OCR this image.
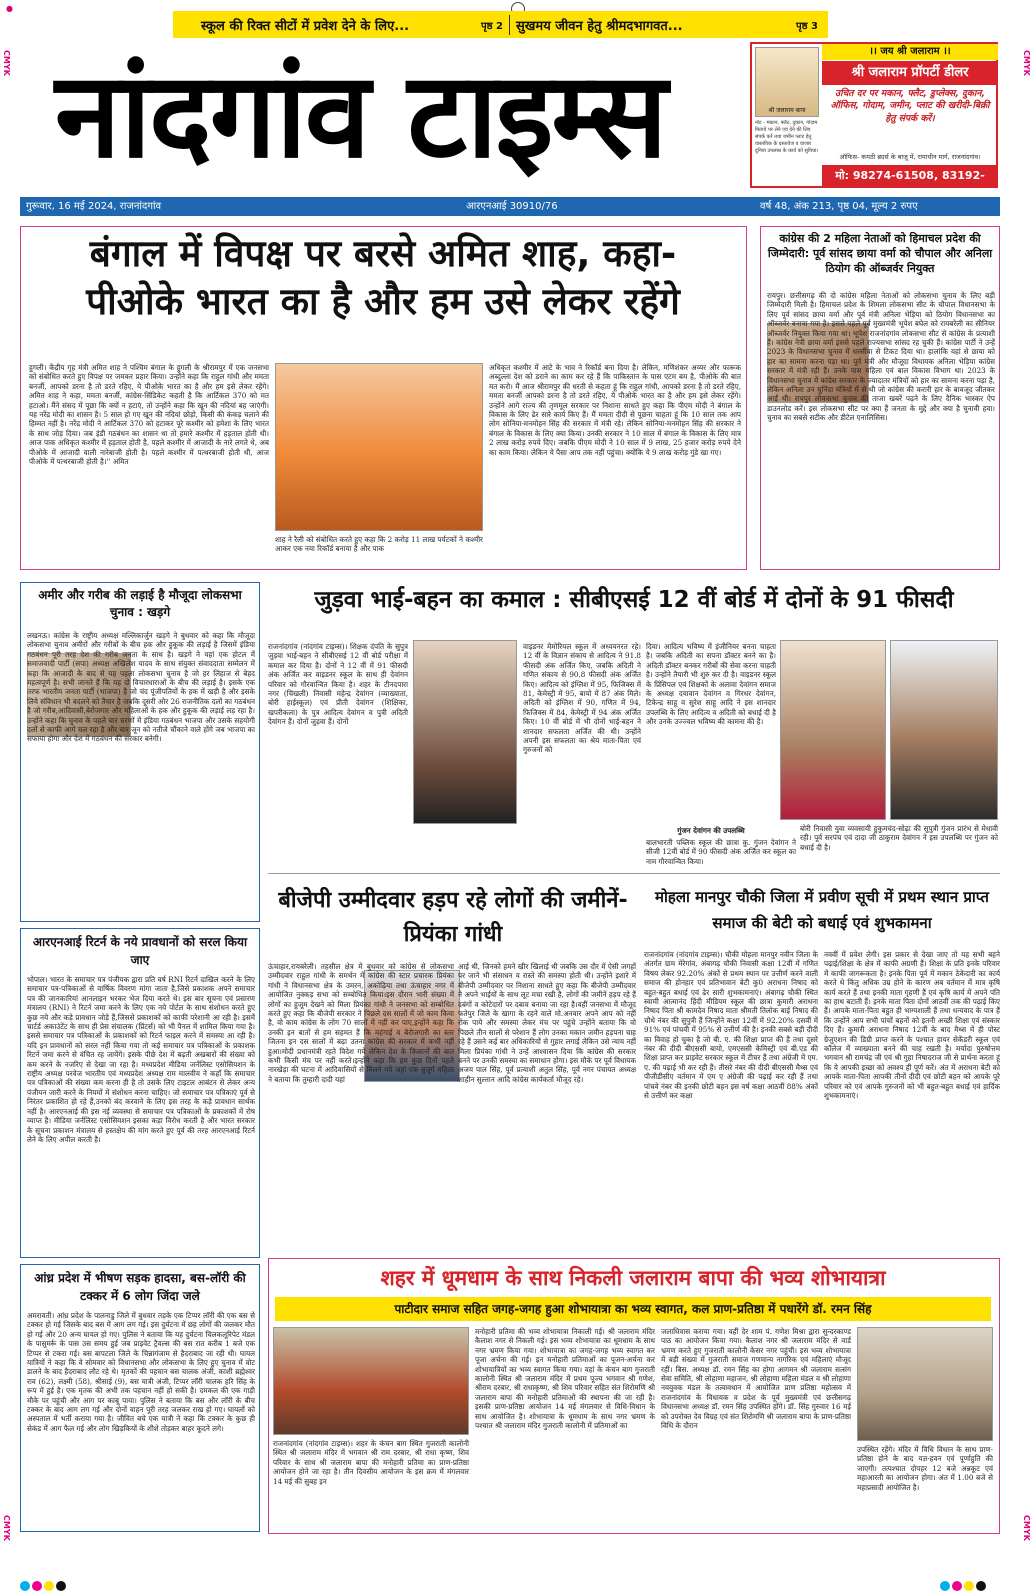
●
CMYK	CMYK
CMYK	CMYK
स्कूल की रिक्त सीटों में प्रवेश देने के लिए...	पृष्ठ 2	सुखमय जीवन हेतु श्रीमदभागवत...	पृष्ठ 3
नांदगांव टाइम्स	श्री जलाराम बापा
नोट - मकान, फ्लैट, दुकान, गोदाम किराये पर लेने एवं देने की लिए संपर्क करें तथा जमीन प्लाट हेतु वास्तविक के दस्तावेज व वाजार दुनिया उपलब्ध के कार्य को सुविधा।
।। जय श्री जलाराम ।।
श्री जलाराम प्रॉपर्टी डीलर
उचित दर पर मकान, फ्लैट, डुप्लेक्स, दुकान, ऑफिस, गोदाम, जमीन, प्लाट की खरीदी-बिक्री हेतु संपर्क करें।
ऑफिस- कमठी ब्रदर्स के बाजू में, रामाधीन मार्ग, राजनांदगांव।
मो: 98274-61508, 83192-
गुरूवार, 16 मई 2024, राजनांदगांव	आरएनआई 30910/76	वर्ष 48, अंक 213, पृष्ठ 04, मूल्य 2 रुपए
बंगाल में विपक्ष पर बरसे अमित शाह, कहा-
पीओके भारत का है और हम उसे लेकर रहेंगे
हुगली। केंद्रीय गृह मंत्री अमित शाह ने पश्चिम बंगाल के हुगली के श्रीरामपुर में एक जनसभा को संबोधित करते हुए विपक्ष पर जमकर प्रहार किया। उन्होंने कहा कि राहुल गांधी और ममता बनर्जी, आपको डरना है तो डरते रहिए, ये पीओके भारत का है और हम इसे लेकर रहेंगे। अमित शाह ने कहा, ममता बनर्जी, कांग्रेस-सिंडिकेट कहती है कि आर्टिकल 370 को मत हटाओ। मैंने संसद में पूछा कि क्यों न हटाएं, तो उन्होंने कहा कि खून की नदियां बह जाएंगी। यह नरेंद्र मोदी का शासन है। 5 साल हो गए खून की नदियां छोड़ो, किसी की कंकड़ चलाने की हिम्मत नहीं है। नरेंद्र मोदी ने आर्टिकल 370 को हटाकर पूरे कश्मीर को हमेशा के लिए भारत के साथ जोड़ दिया। जब इंडी गठबंधन का शासन था तो हमारे कश्मीर में हड़ताल होती थी। आज पाक अधिकृत कश्मीर में हड़ताल होती है, पहले कश्मीर में आजादी के नारे लगते थे, अब पीओके में आजादी वाली नारेबाजी होती है। पहले कश्मीर में पत्थरबाजी होती थी, आज पीओके में पत्थरबाजी होती है।'' अमित
शाह ने रैली को संबोधित करते हुए कहा कि 2 करोड़ 11 लाख पर्यटकों ने कश्मीर आकर एक नया रिकॉर्ड बनाया है और पाक
अधिकृत कश्मीर में आटे के भाव ने रिकॉर्ड बना दिया है। लेकिन, मणिशंकर अय्यर और फारूक अब्दुल्ला देश को डराने का काम कर रहे हैं कि पाकिस्तान के पास एटम बम है, पीओके की बात मत करो। मैं आज श्रीरामपुर की धरती से कहता हूं कि राहुल गांधी, आपको डरना है तो डरते रहिए, ममता बनर्जी आपको डरना है तो डरते रहिए, ये पीओके भारत का है और हम इसे लेकर रहेंगे। उन्होंने आगे राज्य की तृणमूल सरकार पर निशाना साधते हुए कहा कि पीएम मोदी ने बंगाल के विकास के लिए ढेर सारे कार्य किए हैं। मैं ममता दीदी से पूछना चाहता हूं कि 10 साल तक आप लोग सोनिया-मनमोहन सिंह की सरकार में मंत्री रहे। लेकिन सोनिया-मनमोहन सिंह की सरकार ने बंगाल के विकास के लिए क्या किया। उनकी सरकार ने 10 साल में बंगाल के विकास के लिए मात्र 2 लाख करोड़ रुपये दिए। जबकि पीएम मोदी ने 10 साल में 9 लाख, 25 हजार करोड़ रुपये देने का काम किया। लेकिन ये पैसा आप तक नहीं पहुंचा। क्योंकि ये 9 लाख करोड़ गुंडे खा गए।
कांग्रेस की 2 महिला नेताओं को हिमाचल प्रदेश की जिम्मेदारी: पूर्व सांसद छाया वर्मा को चौपाल और अनिला ठियोग की ऑब्जर्वर नियुक्त
रायपुर। छत्तीसगढ़ की दो कांग्रेस महिला नेताओं को लोकसभा चुनाव के लिए बड़ी जिम्मेदारी मिली है। हिमाचल प्रदेश के शिमला लोकसभा सीट के चौपाल विधानसभा के लिए पूर्व सांसद छाया वर्मा और पूर्व मंत्री अनिला भेड़िया को ठियोग विधानसभा का ऑब्जर्वर बनाया गया है। इससे पहले पूर्व मुख्यमंत्री भूपेश बघेल को रायबरेली का सीनियर ऑब्जर्वर नियुक्त किया गया था। भूपेश राजनांदगांव लोकसभा सीट से कांग्रेस के प्रत्याशी हैं। कांग्रेस नेत्री छाया वर्मा इससे पहले राज्यसभा सांसद रह चुकी हैं। कांग्रेस पार्टी ने उन्हें 2023 के विधानसभा चुनाव में धरसींवा से टिकट दिया था। हालांकि यहां से छाया को हार का सामना करना पड़ा था। पूर्व मंत्री और मौजूदा विधायक अनिला भेड़िया कांग्रेस सरकार में मंत्री रही हैं। उनके पास महिला एवं बाल विकास विभाग था। 2023 के विधानसभा चुनाव में कांग्रेस सरकार के ज्यादातर मंत्रियों को हार का सामना करना पड़ा है, लेकिन अनिला उन चुनिंदा मंत्रियों में से थी जो कांग्रेस की करारी हार के बावजूद जीतकर आईं थी। रायपुर लोकसभा चुनाव की ताजा खबरें पढ़ने के लिए दैनिक भास्कर ऐप डाउनलोड करें। इस लोकसभा सीट पर क्या हैं जनता के मुद्दे और क्या है चुनावी हवा। चुनाव का सबसे सटीक और डीटेल एनालिसिस।
अमीर और गरीब की लड़ाई है मौजूदा लोकसभा चुनाव : खड़गे
लखनऊ। कांग्रेस के राष्ट्रीय अध्यक्ष मल्लिकार्जुन खड़गे ने बुधवार को कहा कि मौजूदा लोकसभा चुनाव अमीरों और गरीबों के बीच हक और हुकूक की लड़ाई है जिसमें इंडिया गठबंधन पूरी तरह देश की गरीब जनता के साथ है। खड़गे ने यहां एक होटल में समाजवादी पार्टी (सपा) अध्यक्ष अखिलेश यादव के साथ संयुक्त संवाददाता सम्मेलन में कहा कि आजादी के बाद से यह पहला लोकसभा चुनाव है जो हर लिहाज से बेहद महत्वपूर्ण है। सभी जानते हैं कि यह दो विचारधाराओं के बीच की लड़ाई है। इसके एक तरफ भारतीय जनता पार्टी (भाजपा) है जो चंद पूंजीपतियों के हक में खड़ी है और इसके लिये संविधान भी बदलने को तैयार है जबकि दूसरी ओर 26 राजनीतिक दलों का गठबंधन है जो गरीब,आदिवासी,बेरोजगार और महिलाओं के हक और हुकूक की लड़ाई लड़ रहा है। उन्होंने कहा कि चुनाव के पहले चार चरणों में इंडिया गठबंधन भाजपा और उसके सहयोगी दलों से काफी आगे चल रहा है और चार जून को नतीजे चौंकाने वाले होंगे जब भाजपा का सफाया होगा और देश में गठबंधन की सरकार बनेगी।
आरएनआई रिटर्न के नये प्रावधानों को सरल किया जाए
भोपाल। भारत के समाचार पत्र पंजीयक द्वारा प्रति वर्ष RNI रिटर्न दाखिल करने के लिए समाचार पत्र-पत्रिकाओं से वार्षिक विवरण मांगा जाता है,जिसे प्रकाशक अपने समाचार पत्र की जानकारियां आनलाइन भरकर भेज दिया करते थे। इस बार सूचना एवं प्रसारण मंत्रालय (RNI) ने रिटर्न जमा करने के लिए एक नये पोर्टल के साथ संशोधन करते हुए कुछ नये और कड़े प्रावधान जोड़े हैं,जिससे प्रकाशकों को काफी परेशानी आ रही है। इसमें चार्टर्ड अकाउंटेंट के साथ ही प्रेस संचालक (प्रिंटर्स) को भी पैनल में शामिल किया गया है। इससे समाचार पत्र पत्रिकाओं के प्रकाशकों को रिटर्न फाइल करने में समस्या आ रही है। यदि इन प्रावधानों को सरल नहीं किया गया तो कई समाचार पत्र पत्रिकाओं के प्रकाशक रिटर्न जमा करने से वंचित रह जायेंगे। इसके पीछे देश में बढ़ती अखबारों की संख्या को कम करने के नजरिए से देखा जा रहा है। मध्यप्रदेश मीडिया जर्नलिस्ट एसोसियशन के राष्ट्रीय अध्यक्ष परवेज भारतीय एवं मध्यप्रदेश अध्यक्ष राम मालवीय ने कहाँ कि समाचार पत्र पत्रिकाओं की संख्या कम करना ही है तो उसके लिए टाइटल आबंटन से लेकर अन्य पंजीयन जारी करने के नियमों में संशोधन करना चाहिए। जो समाचार पत्र पत्रिकाएं पूर्व से निरंतर प्रकाशित हो रहे हैं,उनको बंद करवाने के लिए इस तरह के कड़े प्रावधान सार्थक नहीं है। आरएनआई की इस नई व्यवस्था से समाचार पत्र पत्रिकाओं के प्रकाशकों में रोष व्याप्त है। मीडिया जर्नलिस्ट एसोसियशन इसका कड़ा विरोध करती है और भारत सरकार के सूचना प्रकाशन मंत्रालय से हस्तक्षेप की मांग करते हुए पूर्व की तरह आरएनआई रिटर्न लेने के लिए अपील करती है।
आंध्र प्रदेश में भीषण सड़क हादसा, बस-लॉरी की टक्कर में 6 लोग जिंदा जले
अमरावती। आंध्र प्रदेश के पालनाडु जिले में बुधवार तड़के एक टिप्पर लॉरी की एक बस से टक्कर हो गई जिसके बाद बस में आग लग गई। इस दुर्घटना में छह लोगों की जलकर मौत हो गई और 20 अन्य घायल हो गए। पुलिस ने बताया कि यह दुर्घटना चिलकलूरिपेट मंडल के पासुमर्रू के पास उस समय हुई जब प्राइवेट ट्रैवल्स की बस रात करीब 1 बजे एक टिप्पर से टकरा गई। बस बापटला जिले के चिन्नागंजाम से हैदराबाद जा रही थी। घायल यात्रियों ने कहा कि वे सोमवार को विधानसभा और लोकसभा के लिए हुए चुनाव में वोट डालने के बाद हैदराबाद लौट रहे थे। मृतकों की पहचान बस चालक अंजी, काशी ब्रह्मेश्वर राव (62), लक्ष्मी (58), श्रीसाई (9), बस यात्री अंजी, टिप्पर लॉरी चालक हरि सिंह के रूप में हुई है। एक मृतक की अभी तक पहचान नहीं हो सकी है। दमकल की एक गाड़ी मौके पर पहुंची और आग पर काबू पाया। पुलिस ने बताया कि बस और लॉरी के बीच टक्कर के बाद आग लग गई और दोनों वाहन पूरी तरह जलकर राख हो गए। घायलों को अस्पताल में भर्ती कराया गया है। जीवित बचे एक यात्री ने कहा कि टक्कर के कुछ ही सेकंड में आग फैल गई और लोग खिड़कियों के शीशे तोड़कर बाहर कूदने लगे।
जुड़वा भाई-बहन का कमाल : सीबीएसई 12 वीं बोर्ड में दोनों के 91 फीसदी
राजनांदगांव (नांदगांव टाइम्स)। शिक्षक दंपति के सुपुत्र जुड़वा भाई-बहन ने सीबीएसई 12 वीं बोर्ड परीक्षा में कमाल कर दिया है। दोनों ने 12 वीं में 91 फीसदी अंक अर्जित कर वाइडनर स्कूल के साथ ही देवांगन परिवार को गौरवान्वित किया है। शहर के टीनदपारा नगर (चिखली) निवासी महेन्द्र देवांगन (व्याख्याता, बोरी हाईस्कूल) एवं प्रीती देवांगन (शिक्षिका, खपरीकला) के पुत्र आदित्य देवांगन व पुत्री अदिती देवांगन हैं। दोनों जुड़वा हैं। दोनों
वाइडनर मेमोरियल स्कूल में अध्ययनरत रहे। 12 वीं के विज्ञान संकाय से आदित्य ने 91.8 फीसदी अंक अर्जित किए, जबकि अदिती ने गणित संकाय से 90.8 फीसदी अंक अर्जित किए। आदित्य को इंग्लिश में 95, फिजिक्स में 81, केमेस्ट्री में 95, बायो में 87 अंक मिले। अदिती को इंग्लिश में 90, गणित में 94, फिजिक्स में 84, केमेस्ट्री में 94 अंक अर्जित किए। 10 वीं बोर्ड में भी दोनों भाई-बहन ने शानदार सफलता अर्जित की थी। उन्होंने अपनी इस सफलता का श्रेय माता-पिता एवं गुरुजनों को
दिया। आदित्य भविष्य में इंजीनियर बनना चाहता है। जबकि अदिती का सपना डॉक्टर बनने का है। अदिती डॉक्टर बनकर गरीबों की सेवा करना चाहती है। उन्होंने तैयारी भी शुरु कर दी है। वाइडनर स्कूल के प्रिंसिपल एवं शिक्षकों के अलावा देवांगन समाज के अध्यक्ष दयावान देवांगन व गिरधर देवांगन, टिकेन्द्र साहू व सुरेश साहू आदि ने इस शानदार उपलब्धि के लिए आदित्य व अदिती को बधाई दी है और उनके उज्ज्वल भविष्य की कामना की है।
गुंजन देवांगन की उपलब्धि
बालभारती पब्लिक स्कूल की छात्रा कु. गुंजन देवांगन ने सीजी 12वीं बोर्ड में 90 फीसदी अंक अर्जित कर स्कूल का नाम गौरवान्वित किया।
बोरी निवासी युवा व्यवसायी हुकुमचंद-सोढ़ा की सुपुत्री गुंजन प्रारंभ से मेधावी रही। पूर्व सरपंच एवं दादा जी ठाकुराम देवांगन ने इस उपलब्धि पर गुंजन को बधाई दी है।
बीजेपी उम्मीदवार हड़प रहे लोगों की जमीनें- प्रियंका गांधी
ऊंचाहार,रायबरेली। तहसील क्षेत्र में बुधवार को कांग्रेस से लोकसभा उम्मीदवार राहुल गांधी के समर्थन में कांग्रेस की स्टार प्रचारक प्रियंका गांधी ने विधानसभा क्षेत्र के उमरन, अकोढ़िया तथा ऊंचाहार नगर में आयोजित नुक्कड़ सभा को सम्बोधित किया।इस दौरान भारी संख्या में लोगों का हुजूम देखने को मिला प्रियंका गांधी ने जनसभा को सम्बोधित करते हुए कहा कि बीजेपी सरकार ने पिछले दस सालों में जो काम किया है, वो काम कांग्रेस के लोग 70 सालों में नहीं कर पाए,इन्होंने कहा कि उनकी इन बातों से हम सहमत हैं कि महंगाई व बेरोजगारी का स्तर जितना इन दस सालों में बढ़ा उतना कांग्रेस की सरकार में कभी नहीं हुआ।मोदी प्रधानमंत्री रहते विदेश गये लेकिन देश के किसानों की बात कभी किसी मंच पर नहीं करते।इन्होंने कहा कि हम कुछ दिनों पहले नारखेड़ा की घटना में आदिवासियों से मिलने गये जहां एक बुजुर्ग महिला ने बताया कि तुम्हारी दादी यहां
आई थी, जिनको हमने खीर खिलाई थी जबकि उस दौर में ऐसी जगहों पर जाने भी संसाधन व रास्ते की समस्या होती थी। उन्होंने इशारे में बीजेपी उम्मीदवार पर निशाना साधते हुए कहा कि बीजेपी उम्मीदवार ने अपने भाईयों के साथ लूट मचा रखी है, लोगों की जमीनें हड़प रहे हैं दबंगों व कोटेदारों पर दबाव बनाया जा रहा है।वहीं जनसभा में मौजूद फतेपुर जिले के खागा के रहने वाले मो.अनवार अपने आप को नहीं रोक पाये और समस्या लेकर मंच पर पहुंचे उन्होंने बताया कि वो पिछले तीन सालों से परेशान हैं लोग उनका मकान जमीन हड़पना चाह रहे हैं उसने कई बार अधिकारियों से गुहार लगाई लेकिन उसे न्याय नहीं मिला प्रियंका गांधी ने उन्हें आश्वासन दिया कि कांग्रेस की सरकार बनने पर उनकी समस्या का समाधान होगा। इस मौके पर पूर्व विधायक अजय पाल सिंह, पूर्व प्रत्याशी अतुल सिंह, पूर्व नगर पंचायत अध्यक्ष शाहीन सुल्तान आदि कांग्रेस कार्यकर्ता मौजूद रहे।
मोहला मानपुर चौकी जिला में प्रवीण सूची में प्रथम स्थान प्राप्त समाज की बेटी को बधाई एवं शुभकामना
राजनांदगांव (नांदगांव टाइम्स)। चौकी मोहला मानपुर नवीन जिला के अंतर्गत ग्राम मेरेगांव, अंबागढ़ चौकी निवासी कक्षा 12वीं में गणित विषय लेकर 92.20% अंकों से प्रथम स्थान पर उत्तीर्ण करने वाली समाज की होनहार एवं प्रतिभावान बेटी कु0 अराधना निषाद को बहुत-बहुत बधाई एवं ढेर सारी शुभकामनाएं। अंबागढ़ चौकी स्थित स्वामी आत्मानंद हिंदी मीडियम स्कूल की छात्रा कुमारी अराधना निषाद पिता श्री कामदेव निषाद माता श्रीमती तिलोक बाई निषाद की चौथे नंबर की सुपुत्री हैं जिन्होंने कक्षा 12वीं में 92.20% दसवीं में 91% एवं पांचवी में 95% से उत्तीर्ण की है। इनकी सबसे बड़ी दीदी का विवाह हो चुका है जो बी. ए. की शिक्षा प्राप्त की है तथा दूसरे नंबर की दीदी बीएससी बायो, एमएससी केमिस्ट्री एवं बी.एड की शिक्षा प्राप्त कर प्राइवेट सरकार स्कूल में टीचर हैं तथा अंग्रेजी में एम. ए. की पढ़ाई भी कर रही हैं। तीसरे नंबर की दीदी बीएससी मैथ्स एवं पीजीडीसीए वर्तमान में एम ए अंग्रेजी की पढ़ाई कर रही हैं तथा पांचवे नंबर की इनकी छोटी बहन इस वर्ष कक्षा आठवीं 88% अंकों से उत्तीर्ण कर कक्षा
नववीं में प्रवेश लेगी। इस प्रकार से देखा जाए तो यह सभी बहने पढ़ाई/शिक्षा के क्षेत्र में काफी अग्रणी हैं। शिक्षा के प्रति इनके परिवार में काफी जागरूकता है। इनके पिता पूर्व में मकान ठेकेदारी का कार्य करते थे किंतु अधिक उम्र होने के कारण अब वर्तमान में मात्र कृषि कार्य करते हैं तथा इनकी माता गृहणी हैं एवं कृषि कार्य में अपने पति का हाथ बटाती हैं। इनके माता पिता दोनों आठवीं तक की पढ़ाई किए हैं। आपके माता-पिता बहुत ही भाग्यशाली हैं तथा धन्यवाद के पात्र हैं कि उन्होंने आप सभी पांचों बहनों को इतनी अच्छी शिक्षा एवं संस्कार दिए हैं। कुमारी अराधना निषाद 12वीं के बाद मैथ्स में ही पोस्ट ग्रेजुएशन की डिग्री प्राप्त करने के पश्चात हायर सेकेंडरी स्कूल एवं कॉलेज में व्याख्याता बनने की चाह रखती है। मर्यादा पुरुषोत्तम भगवान श्री रामचंद्र जी एवं श्री गुहा निषादराज जी से प्रार्थना करता हूं कि ये आपकी इच्छा को अवश्य ही पूर्ण करें। अंत में अराधना बेटी को आपके माता-पिता आपकी तीनों दीदी एवं छोटी बहन को आपके पूरे परिवार को एवं आपके गुरुजनों को भी बहुत-बहुत बधाई एवं हार्दिक शुभकामनाएं।
शहर में धूमधाम के साथ निकली जलाराम बापा की भव्य शोभायात्रा
पाटीदार समाज सहित जगह-जगह हुआ शोभायात्रा का भव्य स्वागत, कल प्राण-प्रतिष्ठा में पधारेंगे डॉ. रमन सिंह
राजनांदगांव (नांदगांव टाइम्स)। शहर के कंचन बाग स्थित गुजराती कालोनी स्थित श्री जलाराम मंदिर में भगवान श्री राम दरबार, श्री राधा कृष्ण, शिव परिवार के साथ श्री जलाराम बापा की मनोहारी प्रतिमा का प्राण-प्रतिष्ठा आयोजन होने जा रहा है। तीन दिवसीय आयोजन के इस क्रम में मंगलवार 14 मई की सुबह इन
मनोहारी प्रतिमा की भव्य शोभायात्रा निकाली गई। श्री जलाराम मंदिर कैलाश नगर से निकली गई। इस भव्य शोभायात्रा का धूमधाम के साथ नगर भ्रमण किया गया। शोभायात्रा का जगह-जगह भव्य स्वागत कर पूजा अर्चना की गई। इन मनोहारी प्रतिमाओं का पूजन-अर्चना कर शोभायात्रियों का भव्य स्वागत किया गया। वहां के कंचन बाग गुजराती कालोनी स्थित श्री जलाराम मंदिर में प्रथम पूज्य भगवान श्री गणेश, श्रीराम दरबार, श्री राधाकृष्ण, श्री शिव परिवार सहित संत शिरोमणि श्री जलाराम बापा की मनोहारी प्रतिमाओं की स्थापना की जा रही है। इसकी प्राण-प्रतिष्ठा आयोजन 14 मई मंगलवार से विधि-विधान के साथ आयोजित है। शोभायात्रा के धूमधाम के साथ नगर भ्रमण के पश्चात श्री जलाराम मंदिर गुजराती कालोनी में प्रतिमाओं का
जलाधिवास कराया गया। वहीं देर शाम पं. गणेश मिश्रा द्वारा सुन्दरकाण्ड पाठ का आयोजन किया गया। कैलाश नगर श्री जलाराम मंदिर से वार्ड भ्रमण करते हुए गुजराती कालोनी केसर नगर पहुंची। इस भव्य शोभायात्रा में बड़ी संख्या में गुजराती समाज गणमान्य नागरिक एवं महिलाएं मौजूद रहीं। बिस. अध्यक्ष डॉ. रमन सिंह का होगा आगमन श्री जलाराम सत्संग सेवा समिति, श्री लोहाणा महाजन, श्री लोहाणा महिला मंडल व श्री लोहाणा नवयुवक मंडल के तत्वावधान में आयोजित प्राण प्रतिष्ठा महोत्सव में राजनांदगांव के विधायक व प्रदेश के पूर्व मुख्यमंत्री एवं छत्तीसगढ़ विधानसभा अध्यक्ष डॉ. रमन सिंह उपस्थित होंगे। डॉ. सिंह गुरुवार 16 मई को उपरोक्त देव विग्रह एवं संत शिरोमणि श्री जलाराम बापा के प्राण-प्रतिष्ठा विधि के दौरान
उपस्थित रहेंगे। मंदिर में विधि विधान के साथ प्राण-प्रतिष्ठा होने के बाद यज्ञ-हवन एवं पूर्णाहुति की जाएगी। तत्पश्चात दोपहर 12 बजे अन्नकूट एवं महाआरती का आयोजन होगा। अंत में 1.00 बजे से महाप्रसादी आयोजित है।
